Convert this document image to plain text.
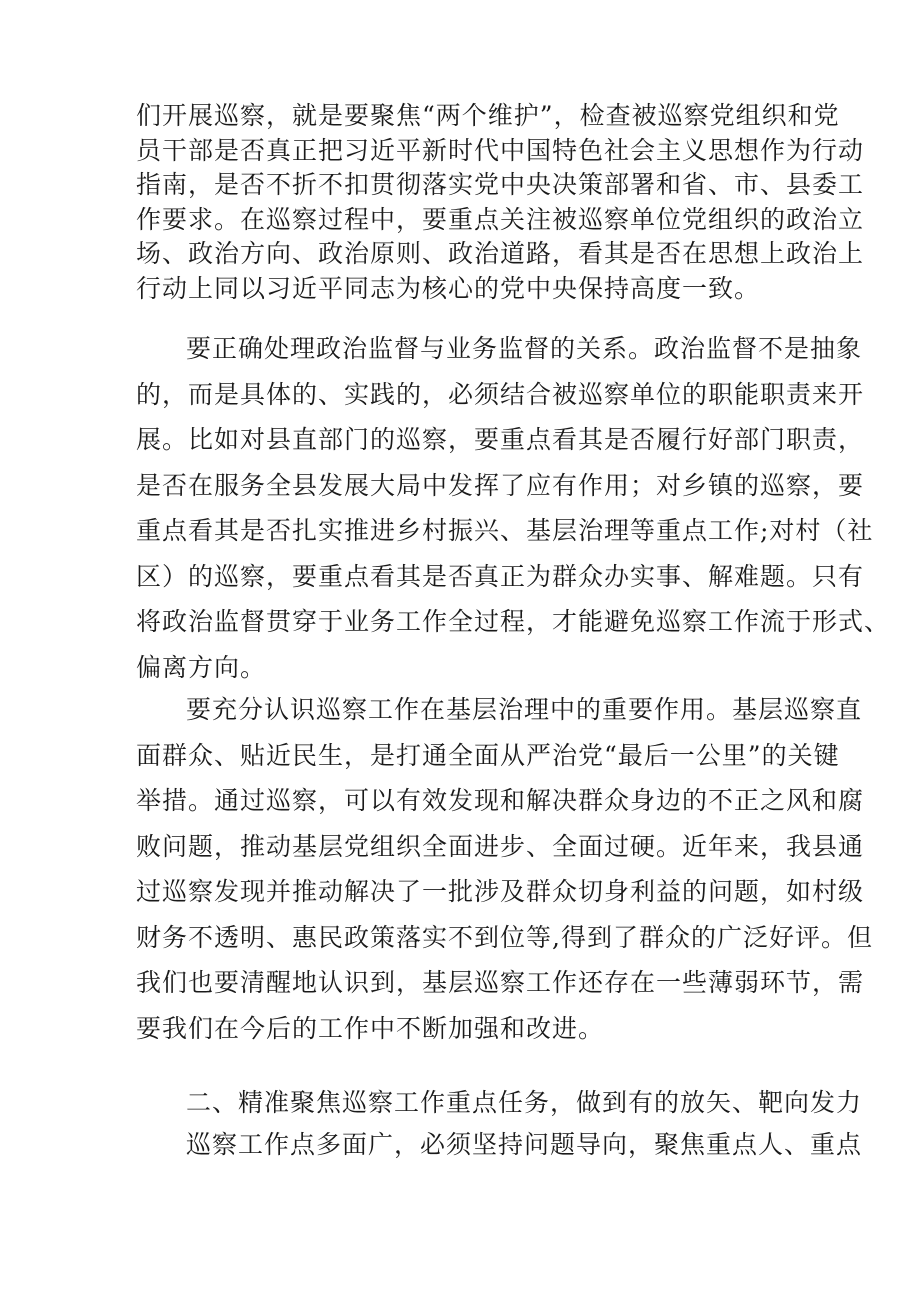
们开展巡察，就是要聚焦“两个维护”，检查被巡察党组织和党
员干部是否真正把习近平新时代中国特色社会主义思想作为行动
指南，是否不折不扣贯彻落实党中央决策部署和省、市、县委工
作要求。在巡察过程中，要重点关注被巡察单位党组织的政治立
场、政治方向、政治原则、政治道路，看其是否在思想上政治上
行动上同以习近平同志为核心的党中央保持高度一致。
要正确处理政治监督与业务监督的关系。政治监督不是抽象
的，而是具体的、实践的，必须结合被巡察单位的职能职责来开
展。比如对县直部门的巡察，要重点看其是否履行好部门职责，
是否在服务全县发展大局中发挥了应有作用；对乡镇的巡察，要
重点看其是否扎实推进乡村振兴、基层治理等重点工作;对村（社
区）的巡察，要重点看其是否真正为群众办实事、解难题。只有
将政治监督贯穿于业务工作全过程，才能避免巡察工作流于形式、
偏离方向。
要充分认识巡察工作在基层治理中的重要作用。基层巡察直
面群众、贴近民生，是打通全面从严治党“最后一公里”的关键
举措。通过巡察，可以有效发现和解决群众身边的不正之风和腐
败问题，推动基层党组织全面进步、全面过硬。近年来，我县通
过巡察发现并推动解决了一批涉及群众切身利益的问题，如村级
财务不透明、惠民政策落实不到位等,得到了群众的广泛好评。但
我们也要清醒地认识到，基层巡察工作还存在一些薄弱环节，需
要我们在今后的工作中不断加强和改进。
二、精准聚焦巡察工作重点任务，做到有的放矢、靶向发力
巡察工作点多面广，必须坚持问题导向，聚焦重点人、重点
